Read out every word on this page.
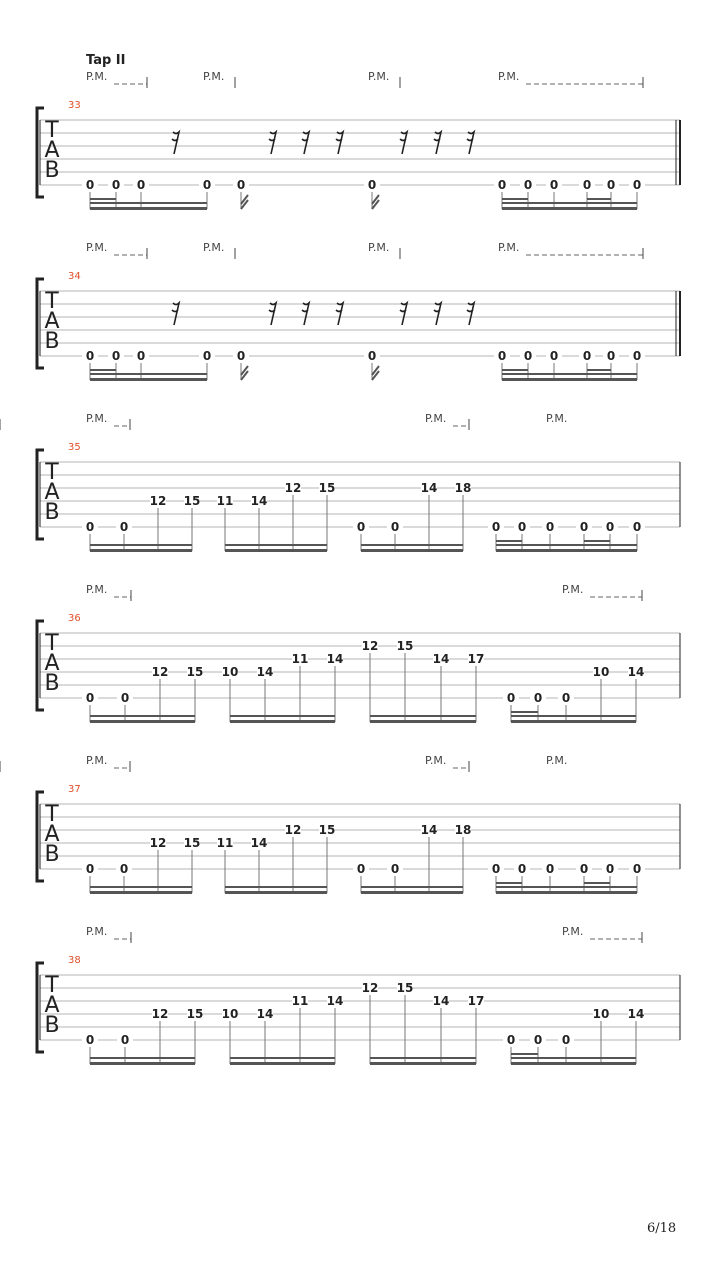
Tap II
T
A
B
33
P.M.	P.M.	P.M.	P.M.
0 0 0	0 0	0	0 0 0 0 0 0
T
A
B
34
P.M.	P.M.	P.M.	P.M.
0 0 0	0 0	0	0 0 0 0 0 0
T
A
B
35
P.M.	P.M.	P.M.
0 0
12 15 11 14
12 15
0 0
14 18
0 0 0 0 0 0
T
A
B
36
P.M.	P.M.
0 0
12 15 10 14
11 14
12 15
14 17
0 0 0
10 14
T
A
B
37
P.M.	P.M.	P.M.
0 0
12 15 11 14
12 15
0 0
14 18
0 0 0 0 0 0
T
A
B
38
P.M.	P.M.
0 0
12 15 10 14
11 14
12 15
14 17
0 0 0
10 14
6/18
